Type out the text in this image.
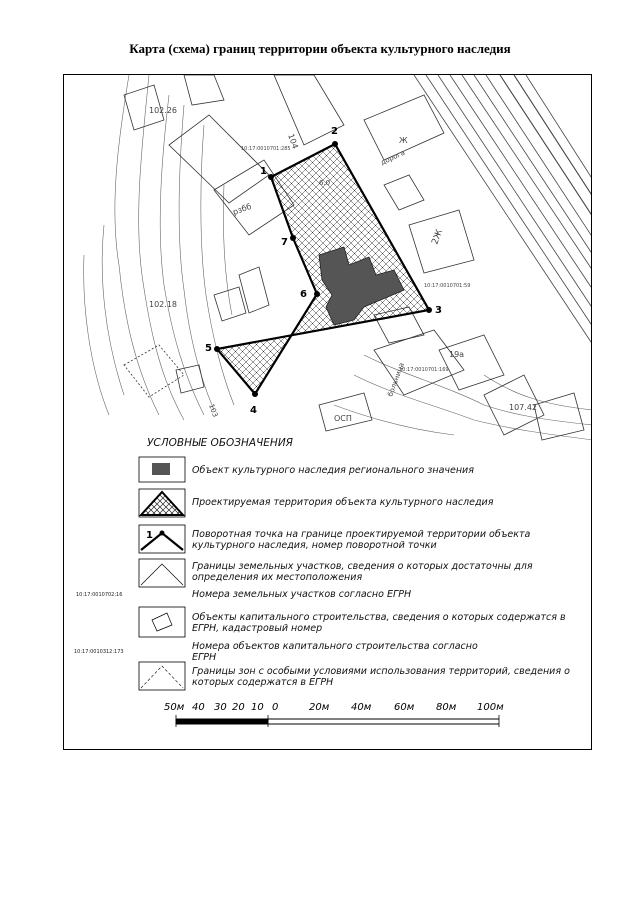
Карта (схема) границ территории объекта культурного наследия
102.26
102.18
107.42
10:17:0010701:285
10:17:0010701:59
10:17:0010701:169
дорога
больница
2Ж
19а
Ж
рзбб
ОСП
104
103
6.0
1
2
3
4
5
6
7
УСЛОВНЫЕ ОБОЗНАЧЕНИЯ
1
Объект культурного наследия регионального значения
Проектируемая территория объекта культурного наследия
Поворотная точка на границе проектируемой территории объекта культурного наследия, номер поворотной точки
Границы земельных участков, сведения о которых достаточны для определения их местоположения
10:17:0010702:16	Номера земельных участков согласно ЕГРН
Объекты капитального строительства, сведения о которых содержатся в ЕГРН, кадастровый номер
10:17:0010312:173	Номера объектов капитального строительства согласно ЕГРН
Границы зон с особыми условиями использования территорий, сведения о которых содержатся в ЕГРН
50м 40 30 20 10 0	20м 40м 60м 80м 100м
